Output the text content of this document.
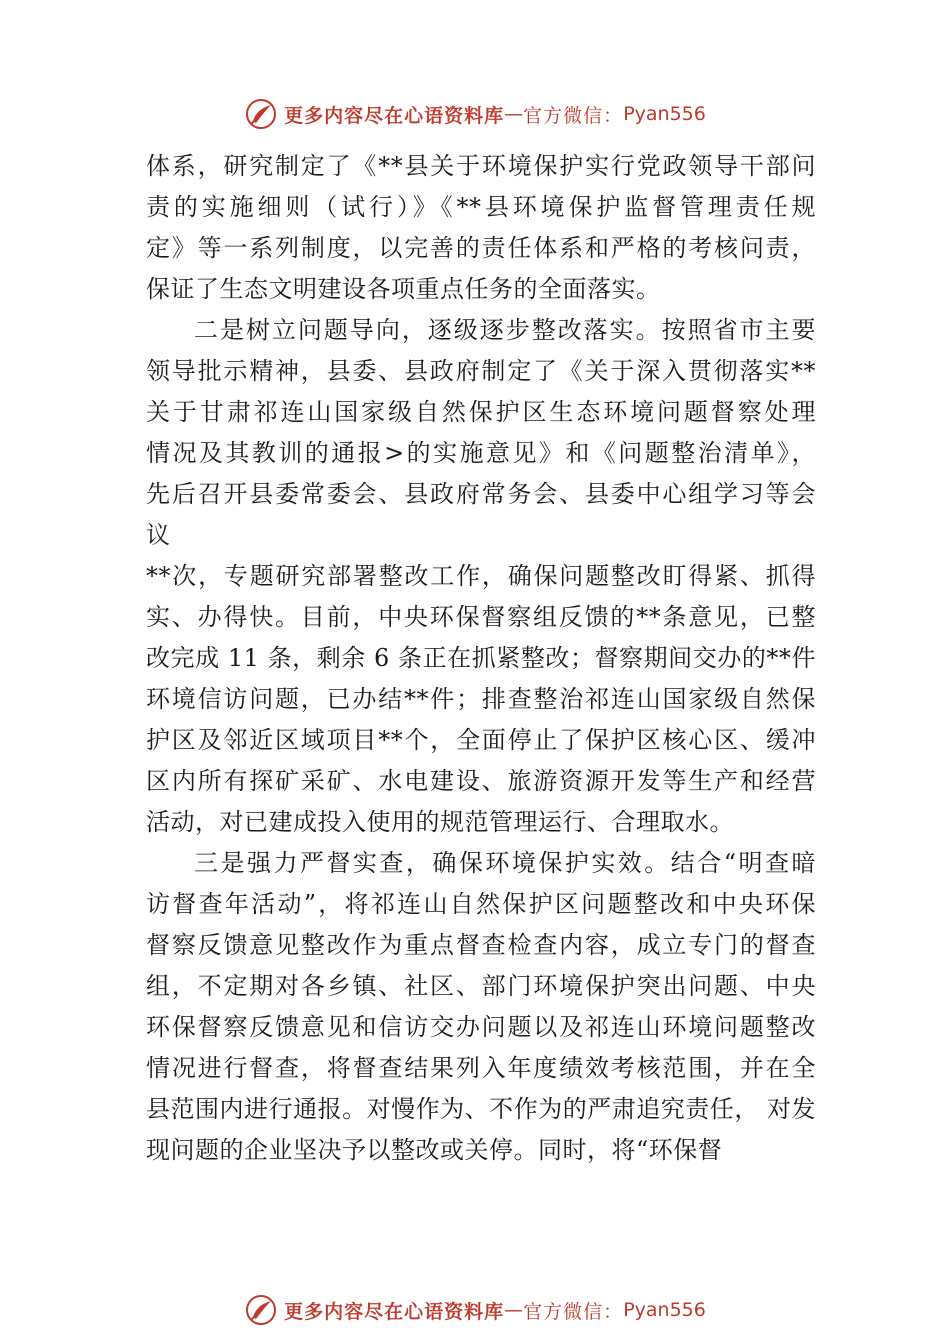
更多内容尽在心语资料库 — 官方微信： Pyan556
体系，研究制定了《**县关于环境保护实行党政领导干部问
责的实施细则（试行）》《**县环境保护监督管理责任规
定》等一系列制度，以完善的责任体系和严格的考核问责，
保证了生态文明建设各项重点任务的全面落实。
二是树立问题导向，逐级逐步整改落实。按照省市主要
领导批示精神，县委、县政府制定了《关于深入贯彻落实**
关于甘肃祁连山国家级自然保护区生态环境问题督察处理
情况及其教训的通报>的实施意见》和《问题整治清单》，
先后召开县委常委会、县政府常务会、县委中心组学习等会
议
**次，专题研究部署整改工作，确保问题整改盯得紧、抓得
实、办得快。目前，中央环保督察组反馈的**条意见，已整
改完成 11 条，剩余 6 条正在抓紧整改；督察期间交办的**件
环境信访问题，已办结**件；排查整治祁连山国家级自然保
护区及邻近区域项目**个，全面停止了保护区核心区、缓冲
区内所有探矿采矿、水电建设、旅游资源开发等生产和经营
活动，对已建成投入使用的规范管理运行、合理取水。
三是强力严督实查，确保环境保护实效。结合“明查暗
访督查年活动”，将祁连山自然保护区问题整改和中央环保
督察反馈意见整改作为重点督查检查内容，成立专门的督查
组，不定期对各乡镇、社区、部门环境保护突出问题、中央
环保督察反馈意见和信访交办问题以及祁连山环境问题整改
情况进行督查，将督查结果列入年度绩效考核范围，并在全
县范围内进行通报。对慢作为、不作为的严肃追究责任， 对发
现问题的企业坚决予以整改或关停。同时，将“环保督
更多内容尽在心语资料库 — 官方微信： Pyan556
